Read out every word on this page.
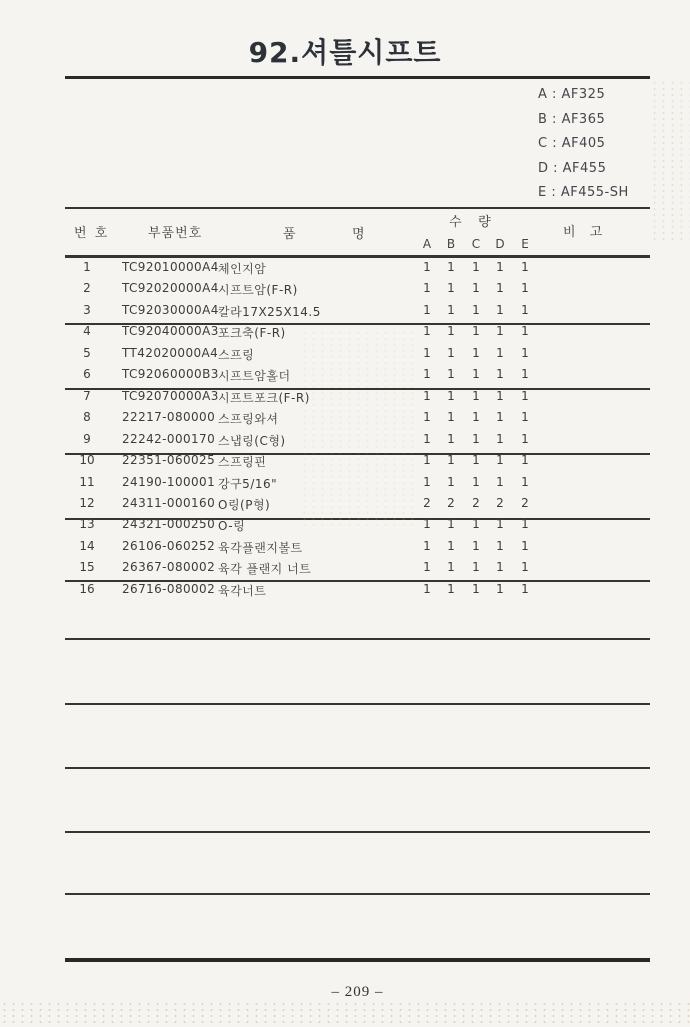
92.셔틀시프트
A : AF325
B : AF365
C : AF405
D : AF455
E : AF455-SH
번 호	부품번호	품	명
수    량
비 고
A	B	C	D	E
1	TC92010000A4 체인지암	1	1	1	1	1
2	TC92020000A4 시프트암(F-R)	1	1	1	1	1
3	TC92030000A4 칼라17X25X14.5	1	1	1	1	1
4	TC92040000A3 포크축(F-R)	1	1	1	1	1
5	TT42020000A4 스프링	1	1	1	1	1
6	TC92060000B3 시프트암홀더	1	1	1	1	1
7	TC92070000A3 시프트포크(F-R)	1	1	1	1	1
8	22217-080000 스프링와셔	1	1	1	1	1
9	22242-000170 스냅링(C형)	1	1	1	1	1
10	22351-060025 스프링핀	1	1	1	1	1
11	24190-100001 강구5/16"	1	1	1	1	1
12	24311-000160 O링(P형)	2	2	2	2	2
13	24321-000250 O-링	1	1	1	1	1
14	26106-060252 육각플랜지볼트	1	1	1	1	1
15	26367-080002 육각 플랜지 너트	1	1	1	1	1
16	26716-080002 육각너트	1	1	1	1	1
– 209 –
